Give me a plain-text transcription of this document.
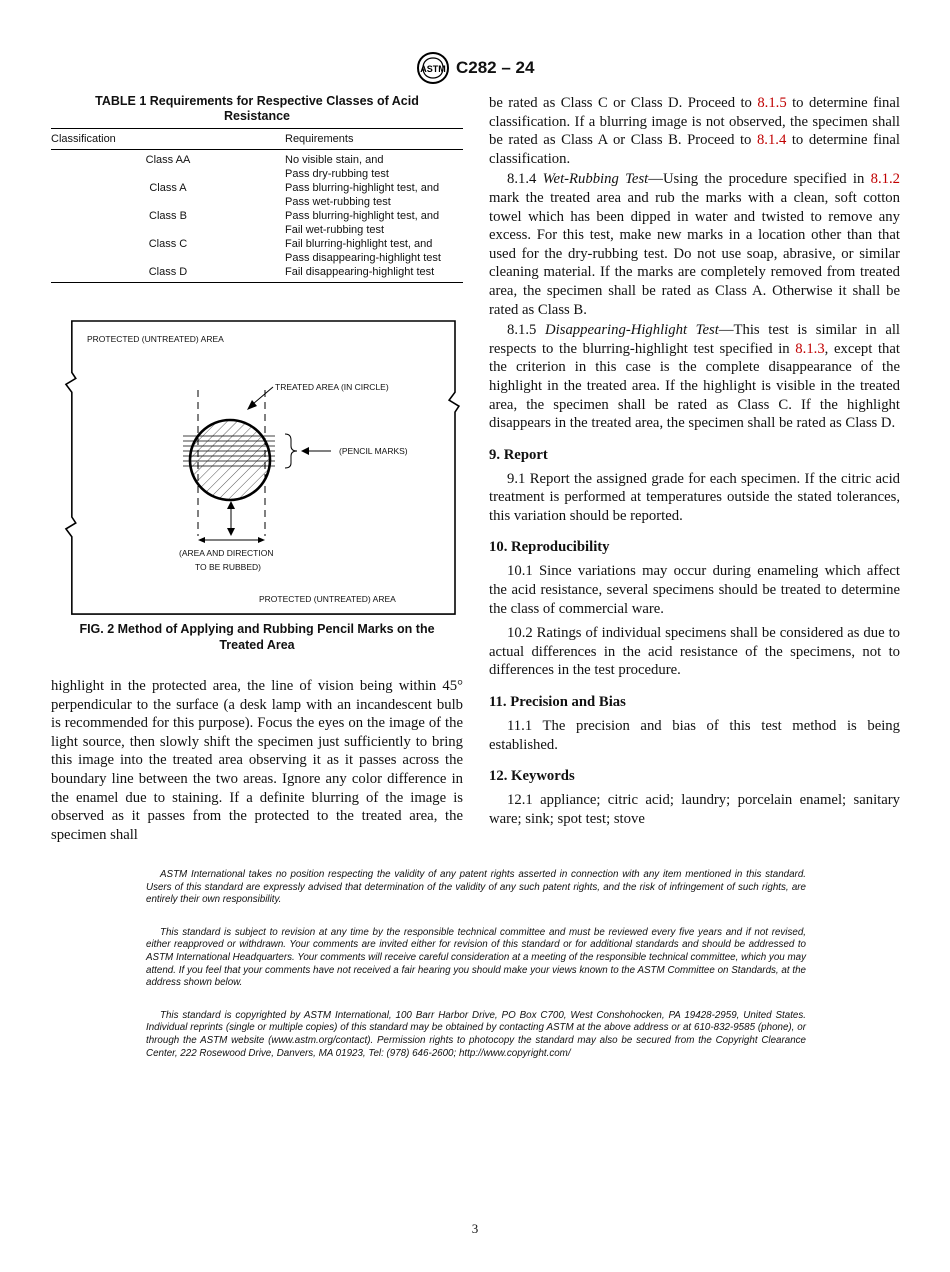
ASTM C282 – 24

TABLE 1 Requirements for Respective Classes of Acid
Resistance

Classification	Requirements
Class AA	No visible stain, and
Pass dry-rubbing test
Class A	Pass blurring-highlight test, and
Pass wet-rubbing test
Class B	Pass blurring-highlight test, and
Fail wet-rubbing test
Class C	Fail blurring-highlight test, and
Pass disappearing-highlight test
Class D	Fail disappearing-highlight test
PROTECTED (UNTREATED) AREA
TREATED AREA (IN CIRCLE)
(PENCIL MARKS)
(AREA AND DIRECTION
TO BE RUBBED)
PROTECTED (UNTREATED) AREA
FIG. 2 Method of Applying and Rubbing Pencil Marks on the
Treated Area

highlight in the protected area, the line of vision being within 45° perpendicular to the surface (a desk lamp with an incandescent bulb is recommended for this purpose). Focus the eyes on the image of the light source, then slowly shift the specimen just sufficiently to bring this image into the treated area observing it as it passes across the boundary line between the two areas. Ignore any color difference in the enamel due to staining. If a definite blurring of the image is observed as it passes from the protected to the treated area, the specimen shall

be rated as Class C or Class D. Proceed to 8.1.5 to determine final classification. If a blurring image is not observed, the specimen shall be rated as Class A or Class B. Proceed to 8.1.4 to determine final classification.

8.1.4 Wet-Rubbing Test—Using the procedure specified in 8.1.2 mark the treated area and rub the marks with a clean, soft cotton towel which has been dipped in water and twisted to remove any excess. For this test, make new marks in a location other than that used for the dry-rubbing test. Do not use soap, abrasive, or similar cleaning material. If the marks are completely removed from treated area, the specimen shall be rated as Class A. Otherwise it shall be rated as Class B.

8.1.5 Disappearing-Highlight Test—This test is similar in all respects to the blurring-highlight test specified in 8.1.3, except that the criterion in this case is the complete disappearance of the highlight in the treated area. If the highlight is visible in the treated area, the specimen shall be rated as Class C. If the highlight disappears in the treated area, the specimen shall be rated as Class D.

9. Report

9.1 Report the assigned grade for each specimen. If the citric acid treatment is performed at temperatures outside the stated tolerances, this variation should be reported.

10. Reproducibility

10.1 Since variations may occur during enameling which affect the acid resistance, several specimens should be treated to determine the class of commercial ware.

10.2 Ratings of individual specimens shall be considered as due to actual differences in the acid resistance of the specimens, not to differences in the test procedure.

11. Precision and Bias

11.1 The precision and bias of this test method is being established.

12. Keywords

12.1 appliance; citric acid; laundry; porcelain enamel; sanitary ware; sink; spot test; stove

ASTM International takes no position respecting the validity of any patent rights asserted in connection with any item mentioned in this standard. Users of this standard are expressly advised that determination of the validity of any such patent rights, and the risk of infringement of such rights, are entirely their own responsibility.

This standard is subject to revision at any time by the responsible technical committee and must be reviewed every five years and if not revised, either reapproved or withdrawn. Your comments are invited either for revision of this standard or for additional standards and should be addressed to ASTM International Headquarters. Your comments will receive careful consideration at a meeting of the responsible technical committee, which you may attend. If you feel that your comments have not received a fair hearing you should make your views known to the ASTM Committee on Standards, at the address shown below.

This standard is copyrighted by ASTM International, 100 Barr Harbor Drive, PO Box C700, West Conshohocken, PA 19428-2959, United States. Individual reprints (single or multiple copies) of this standard may be obtained by contacting ASTM at the above address or at 610-832-9585 (phone), or through the ASTM website (www.astm.org/contact). Permission rights to photocopy the standard may also be secured from the Copyright Clearance Center, 222 Rosewood Drive, Danvers, MA 01923, Tel: (978) 646-2600; http://www.copyright.com/

3
